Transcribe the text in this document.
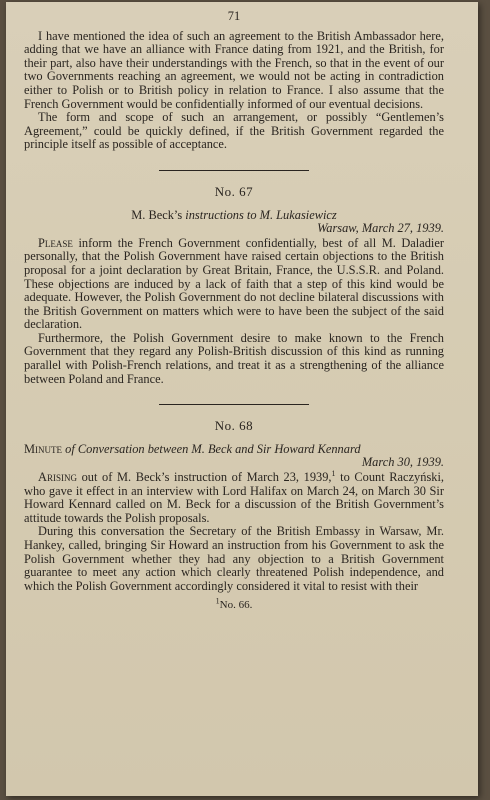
71

I have mentioned the idea of such an agreement to the British Ambassador here, adding that we have an alliance with France dating from 1921, and the British, for their part, also have their understandings with the French, so that in the event of our two Governments reaching an agreement, we would not be acting in contradiction either to Polish or to British policy in relation to France. I also assume that the French Government would be confidentially informed of our eventual decisions.

The form and scope of such an arrangement, or possibly “Gentlemen’s Agreement,” could be quickly defined, if the British Government regarded the principle itself as possible of acceptance.

No. 67

M. Beck’s instructions to M. Lukasiewicz

Warsaw, March 27, 1939.

Please inform the French Government confidentially, best of all M. Daladier personally, that the Polish Government have raised certain objections to the British proposal for a joint declaration by Great Britain, France, the U.S.S.R. and Poland. These objections are induced by a lack of faith that a step of this kind would be adequate. However, the Polish Government do not decline bilateral discussions with the British Government on matters which were to have been the subject of the said declaration.

Furthermore, the Polish Government desire to make known to the French Government that they regard any Polish-British discussion of this kind as running parallel with Polish-French relations, and treat it as a strengthening of the alliance between Poland and France.

No. 68

Minute of Conversation between M. Beck and Sir Howard Kennard

March 30, 1939.

Arising out of M. Beck’s instruction of March 23, 1939,$^1$ to Count Raczyński, who gave it effect in an interview with Lord Halifax on March 24, on March 30 Sir Howard Kennard called on M. Beck for a discussion of the British Government’s attitude towards the Polish proposals.

During this conversation the Secretary of the British Embassy in Warsaw, Mr. Hankey, called, bringing Sir Howard an instruction from his Government to ask the Polish Government whether they had any objection to a British Government guarantee to meet any action which clearly threatened Polish independence, and which the Polish Government accordingly considered it vital to resist with their

$^1$No. 66.
